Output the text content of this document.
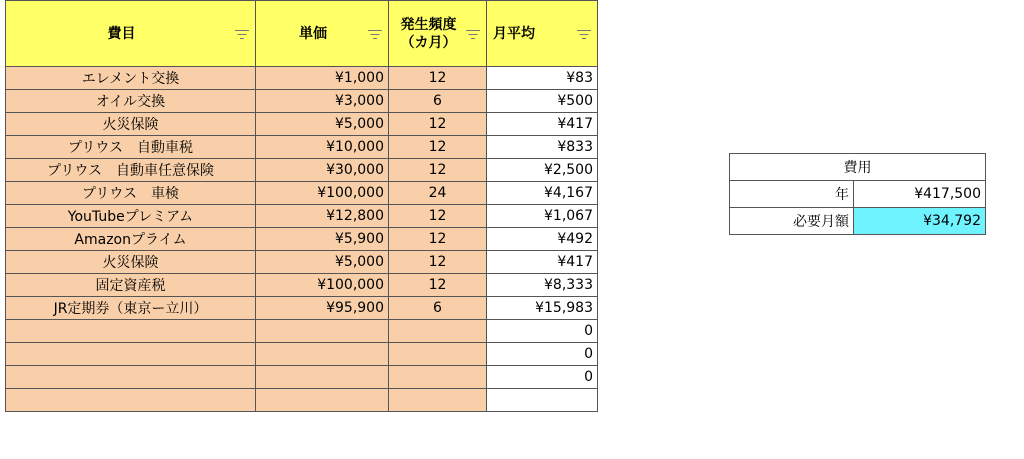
費目	単価	発生頻度（カ月）	月平均

エレメント交換	¥1,000	12	¥83
オイル交換	¥3,000	6	¥500
火災保険	¥5,000	12	¥417
プリウス　自動車税	¥10,000	12	¥833
プリウス　自動車任意保険	¥30,000	12	¥2,500
プリウス　車検	¥100,000	24	¥4,167
YouTubeプレミアム	¥12,800	12	¥1,067
Amazonプライム	¥5,900	12	¥492
火災保険	¥5,000	12	¥417
固定資産税	¥100,000	12	¥8,333
JR定期券（東京ー立川）	¥95,900	6	¥15,983
			0
			0
			0

費用	
年	¥417,500
必要月額	¥34,792
